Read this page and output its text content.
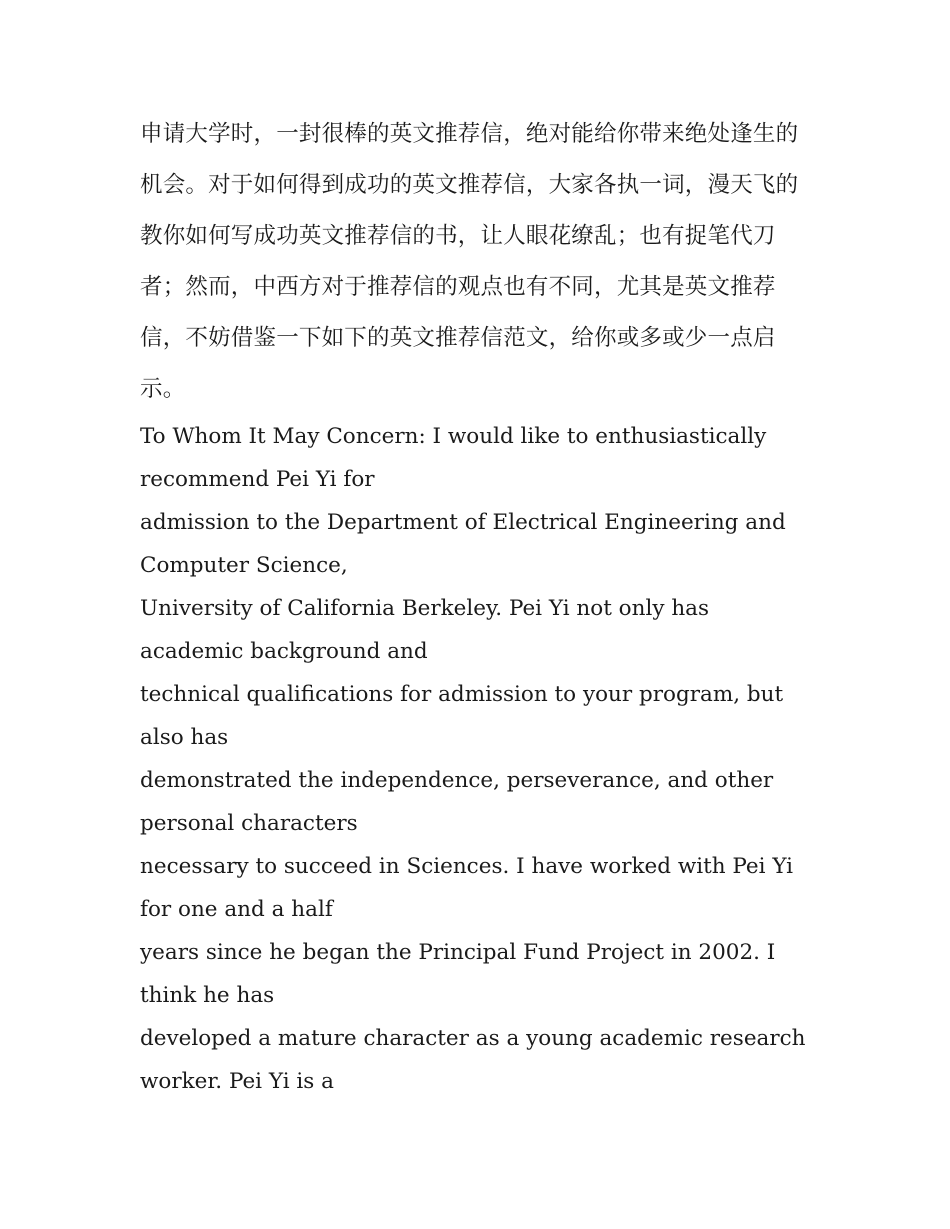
申请大学时，一封很棒的英文推荐信，绝对能给你带来绝处逢生的机会。对于如何得到成功的英文推荐信，大家各执一词，漫天飞的教你如何写成功英文推荐信的书，让人眼花缭乱；也有捉笔代刀者；然而，中西方对于推荐信的观点也有不同，尤其是英文推荐信，不妨借鉴一下如下的英文推荐信范文，给你或多或少一点启示。

To Whom It May Concern: I would like to enthusiastically recommend Pei Yi for
admission to the Department of Electrical Engineering and Computer Science,
University of California Berkeley. Pei Yi not only has academic background and
technical qualifications for admission to your program, but also has
demonstrated the independence, perseverance, and other personal characters
necessary to succeed in Sciences. I have worked with Pei Yi for one and a half
years since he began the Principal Fund Project in 2002. I think he has
developed a mature character as a young academic research worker. Pei Yi is a
